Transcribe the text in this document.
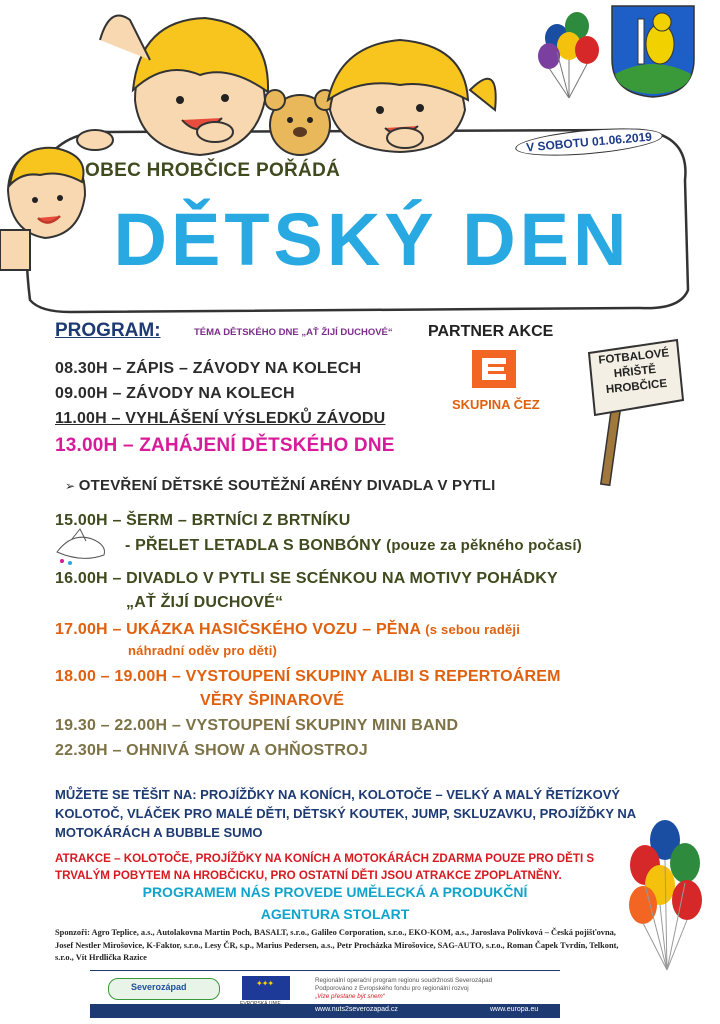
OBEC HROBČICE POŘÁDÁ
V SOBOTU 01.06.2019
DĚTSKÝ DEN
PROGRAM:	TÉMA DĚTSKÉHO DNE „AŤ ŽIJÍ DUCHOVÉ“ PARTNER AKCE
SKUPINA ČEZ
FOTBALOVÉ
HŘIŠTĚ
HROBČICE
08.30H – ZÁPIS – ZÁVODY NA KOLECH
09.00H – ZÁVODY NA KOLECH
11.00H – VYHLÁŠENÍ VÝSLEDKŮ ZÁVODU
13.00H – ZAHÁJENÍ DĚTSKÉHO DNE
➢ OTEVŘENÍ DĚTSKÉ SOUTĚŽNÍ ARÉNY DIVADLA V PYTLI
15.00H – ŠERM – BRTNÍCI Z BRTNÍKU
- PŘELET LETADLA S BONBÓNY (pouze za pěkného počasí)
16.00H – DIVADLO V PYTLI SE SCÉNKOU NA MOTIVY POHÁDKY
„AŤ ŽIJÍ DUCHOVÉ“
17.00H – UKÁZKA HASIČSKÉHO VOZU – PĚNA (s sebou raději
náhradní oděv pro děti)
18.00 – 19.00H – VYSTOUPENÍ SKUPINY ALIBI S REPERTOÁREM
VĚRY ŠPINAROVÉ
19.30 – 22.00H – VYSTOUPENÍ SKUPINY MINI BAND
22.30H – OHNIVÁ SHOW A OHŇOSTROJ
MŮŽETE SE TĚŠIT NA: PROJÍŽĎKY NA KONÍCH, KOLOTOČE – VELKÝ A MALÝ ŘETÍZKOVÝ KOLOTOČ, VLÁČEK PRO MALÉ DĚTI, DĚTSKÝ KOUTEK, JUMP, SKLUZAVKU, PROJÍŽĎKY NA MOTOKÁRÁCH A BUBBLE SUMO
ATRAKCE – KOLOTOČE, PROJÍŽĎKY NA KONÍCH A MOTOKÁRÁCH ZDARMA POUZE PRO DĚTI S TRVALÝM POBYTEM NA HROBČICKU, PRO OSTATNÍ DĚTI JSOU ATRAKCE ZPOPLATNĚNY.
PROGRAMEM NÁS PROVEDE UMĚLECKÁ A PRODUKČNÍ
AGENTURA STOLART
Sponzoři: Agro Teplice, a.s., Autolakovna Martin Poch, BASALT, s.r.o., Galileo Corporation, s.r.o., EKO-KOM, a.s., Jaroslava Polívková – Česká pojišťovna, Josef Nestler Mirošovice, K-Faktor, s.r.o., Lesy ČR, s.p., Marius Pedersen, a.s., Petr Procházka Mirošovice, SAG-AUTO, s.r.o., Roman Čapek Tvrdín, Telkont, s.r.o., Vít Hrdlička Razice
Severozápad	✦✦✦	Regionální operační program regionu soudržnosti Severozápad
Podporováno z Evropského fondu pro regionální rozvoj
„Vize přestane být snem“
www.nuts2severozapad.cz	www.europa.eu
